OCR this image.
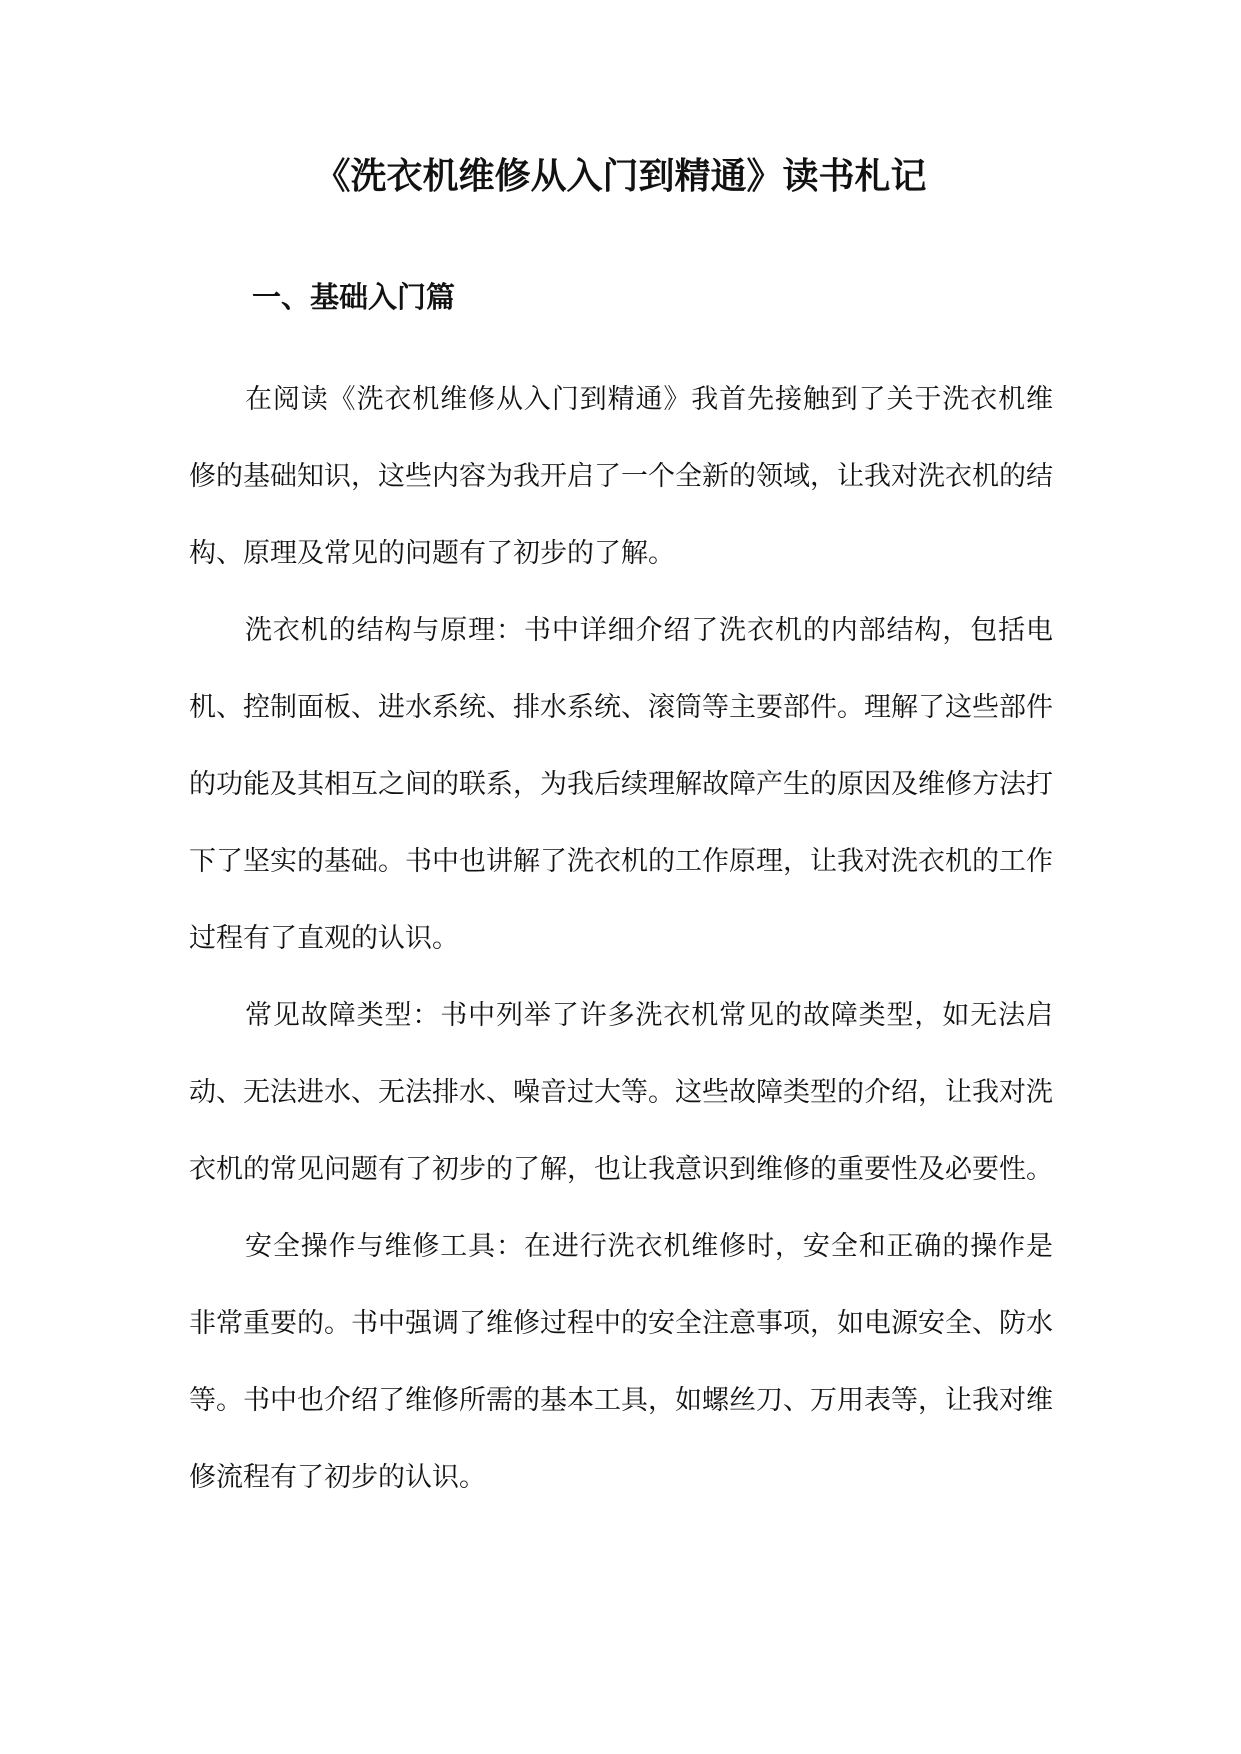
《洗衣机维修从入门到精通》读书札记
一、基础入门篇

在阅读《洗衣机维修从入门到精通》我首先接触到了关于洗衣机维修的基础知识，这些内容为我开启了一个全新的领域，让我对洗衣机的结构、原理及常见的问题有了初步的了解。

洗衣机的结构与原理：书中详细介绍了洗衣机的内部结构，包括电机、控制面板、进水系统、排水系统、滚筒等主要部件。理解了这些部件的功能及其相互之间的联系，为我后续理解故障产生的原因及维修方法打下了坚实的基础。书中也讲解了洗衣机的工作原理，让我对洗衣机的工作过程有了直观的认识。

常见故障类型：书中列举了许多洗衣机常见的故障类型，如无法启动、无法进水、无法排水、噪音过大等。这些故障类型的介绍，让我对洗衣机的常见问题有了初步的了解，也让我意识到维修的重要性及必要性。

安全操作与维修工具：在进行洗衣机维修时，安全和正确的操作是非常重要的。书中强调了维修过程中的安全注意事项，如电源安全、防水等。书中也介绍了维修所需的基本工具，如螺丝刀、万用表等，让我对维修流程有了初步的认识。
